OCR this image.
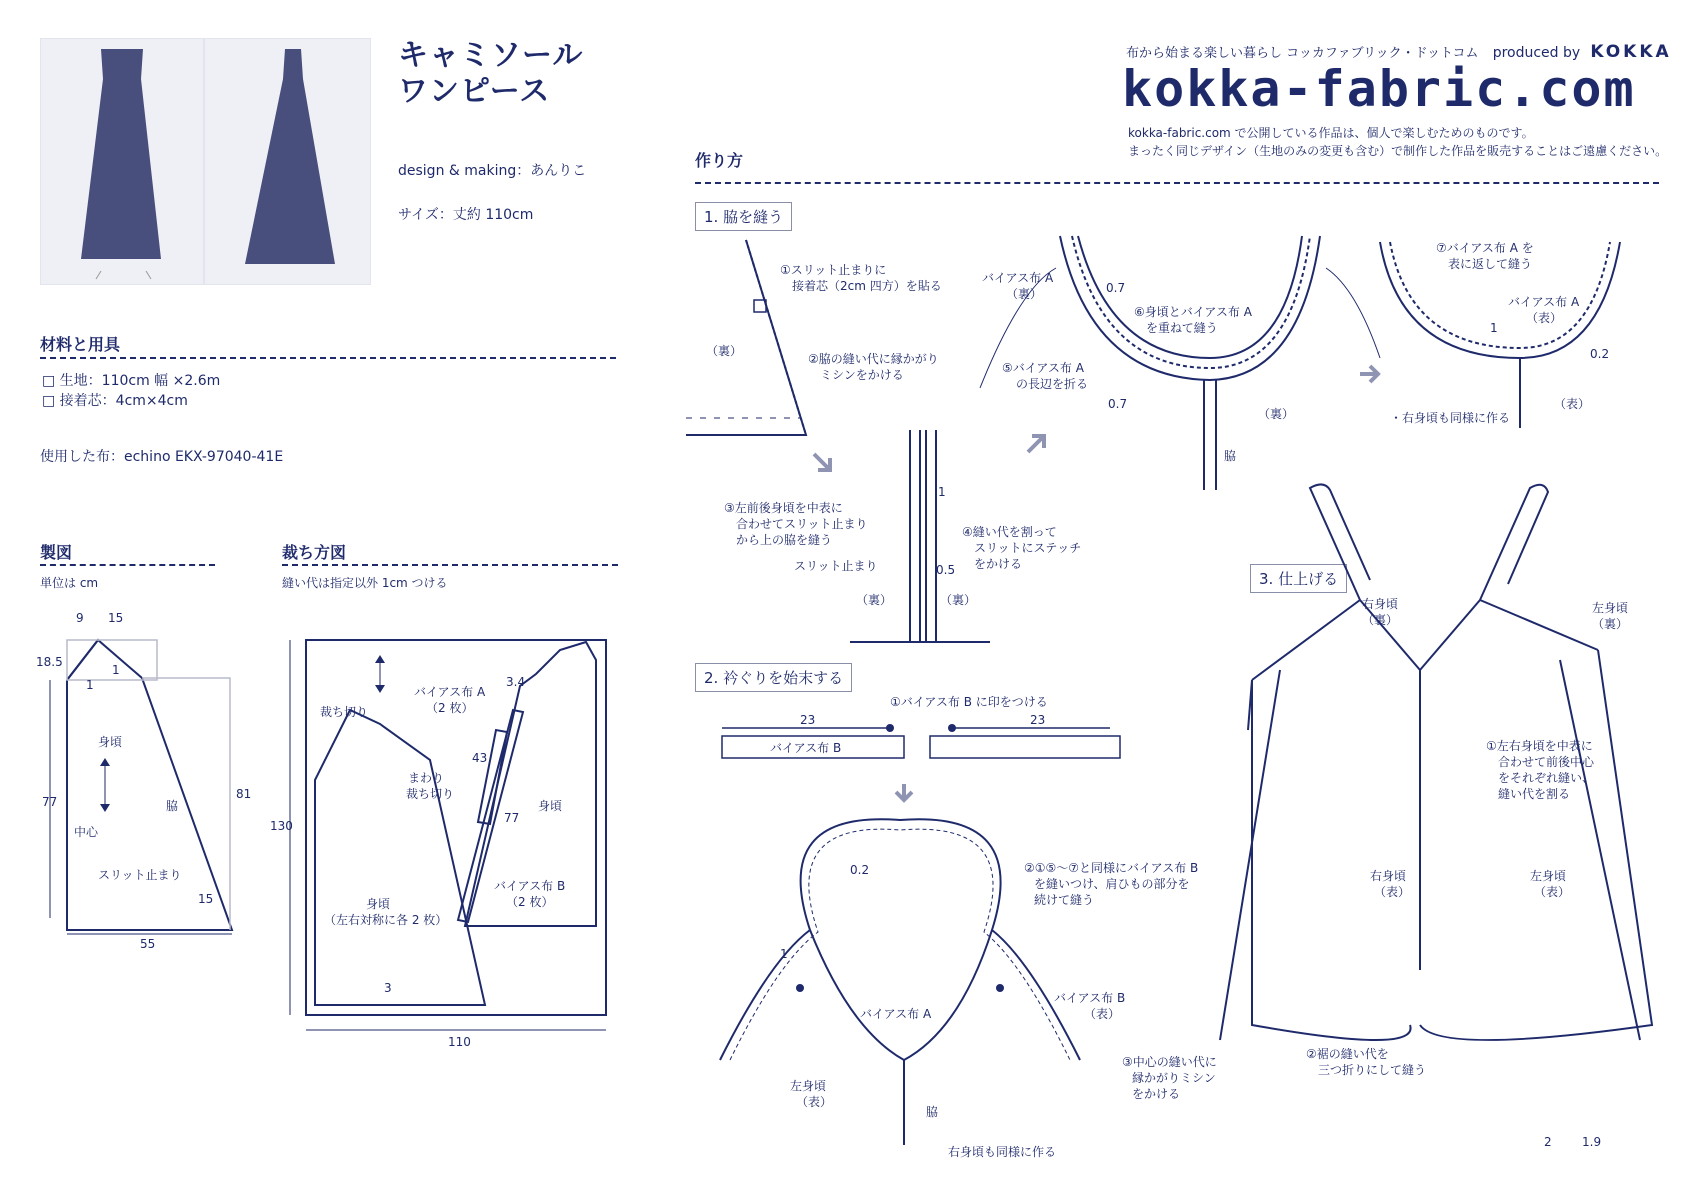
キャミソール
ワンピース
design & making：あんりこ
サイズ：丈約 110cm
布から始まる楽しい暮らし コッカファブリック・ドットコム produced by KOKKA
kokka-fabric.com
kokka-fabric.com で公開している作品は、個人で楽しむためのものです。
まったく同じデザイン（生地のみの変更も含む）で制作した作品を販売することはご遠慮ください。
材料と用具
□ 生地：110cm 幅 ×2.6m
□ 接着芯：4cm×4cm
使用した布：echino EKX-97040-41E
製図
単位は cm
9 15
18.5
1
1
身頃
中心
脇
スリット止まり
77
81
15
55
裁ち方図
縫い代は指定以外 1cm つける
裁ち切り
バイアス布 A
（2 枚）
3.4
43
まわり
裁ち切り
77
身頃
バイアス布 B
（2 枚）
身頃
（左右対称に各 2 枚）
3
130
110
作り方
1. 脇を縫う
①スリット止まりに
接着芯（2cm 四方）を貼る
（裏）
②脇の縫い代に縁かがり
ミシンをかける
③左前後身頃を中表に
合わせてスリット止まり
から上の脇を縫う
スリット止まり
1
④縫い代を割って
スリットにステッチ
をかける
0.5
（裏）	（裏）
バイアス布 A
（裏）	0.7
⑥身頃とバイアス布 A
を重ねて縫う
⑤バイアス布 A
の長辺を折る
0.7
（裏）
脇
⑦バイアス布 A を
表に返して縫う
バイアス布 A
（表）
1
0.2
・右身頃も同様に作る
（表）
2. 衿ぐりを始末する
①バイアス布 B に印をつける
23	23
バイアス布 B
0.2
1
②①⑤～⑦と同様にバイアス布 B
を縫いつけ、肩ひもの部分を
続けて縫う
バイアス布 A
バイアス布 B
（表）
左身頃
（表）
脇
③中心の縫い代に
縁かがりミシン
をかける
右身頃も同様に作る
3. 仕上げる
右身頃
（裏）
左身頃
（裏）
①左右身頃を中表に
合わせて前後中心
をそれぞれ縫い、
縫い代を割る
右身頃
（表）
左身頃
（表）
②裾の縫い代を
三つ折りにして縫う
2	1.9
